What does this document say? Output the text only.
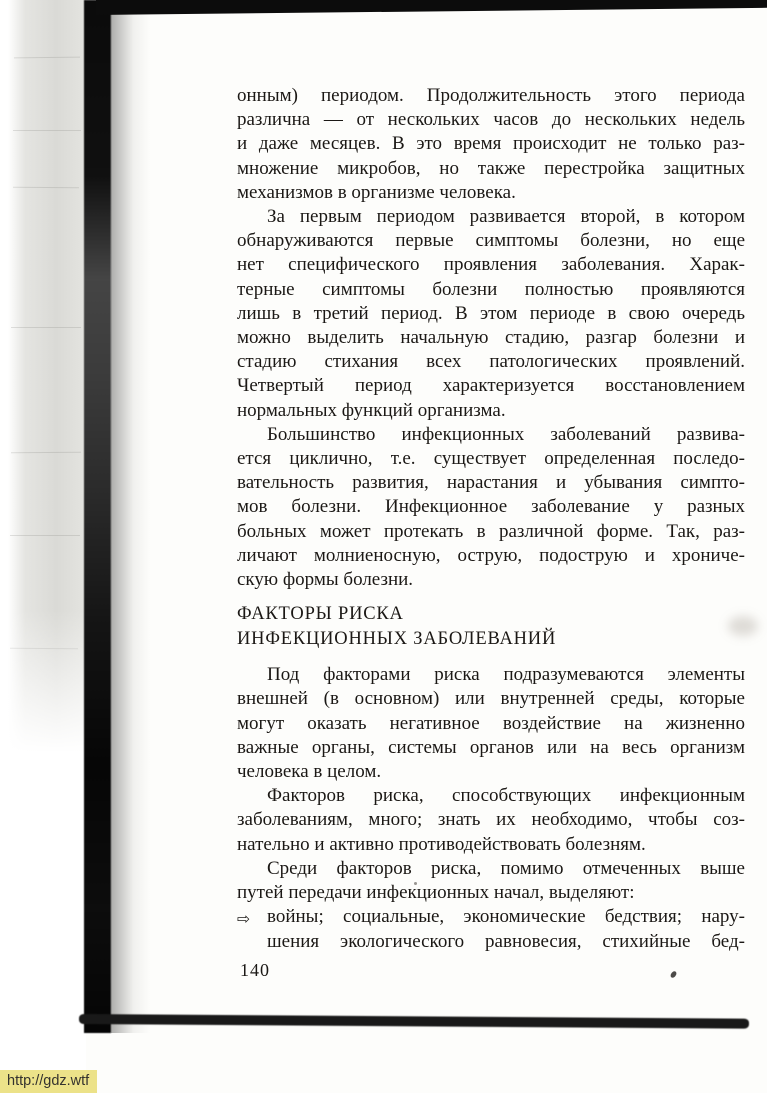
онным) периодом. Продолжительность этого периода
различна — от нескольких часов до нескольких недель
и даже месяцев. В это время происходит не только раз-
множение микробов, но также перестройка защитных
механизмов в организме человека.
За первым периодом развивается второй, в котором
обнаруживаются первые симптомы болезни, но еще
нет специфического проявления заболевания. Харак-
терные симптомы болезни полностью проявляются
лишь в третий период. В этом периоде в свою очередь
можно выделить начальную стадию, разгар болезни и
стадию стихания всех патологических проявлений.
Четвертый период характеризуется восстановлением
нормальных функций организма.
Большинство инфекционных заболеваний развива-
ется циклично, т.е. существует определенная последо-
вательность развития, нарастания и убывания симпто-
мов болезни. Инфекционное заболевание у разных
больных может протекать в различной форме. Так, раз-
личают молниеносную, острую, подострую и хрониче-
скую формы болезни.
ФАКТОРЫ РИСКА
ИНФЕКЦИОННЫХ ЗАБОЛЕВАНИЙ
Под факторами риска подразумеваются элементы
внешней (в основном) или внутренней среды, которые
могут оказать негативное воздействие на жизненно
важные органы, системы органов или на весь организм
человека в целом.
Факторов риска, способствующих инфекционным
заболеваниям, много; знать их необходимо, чтобы соз-
нательно и активно противодействовать болезням.
Среди факторов риска, помимо отмеченных выше
путей передачи инфекционных начал, выделяют:
⇨ войны; социальные, экономические бедствия; нару-
шения экологического равновесия, стихийные бед-
140
http://gdz.wtf
